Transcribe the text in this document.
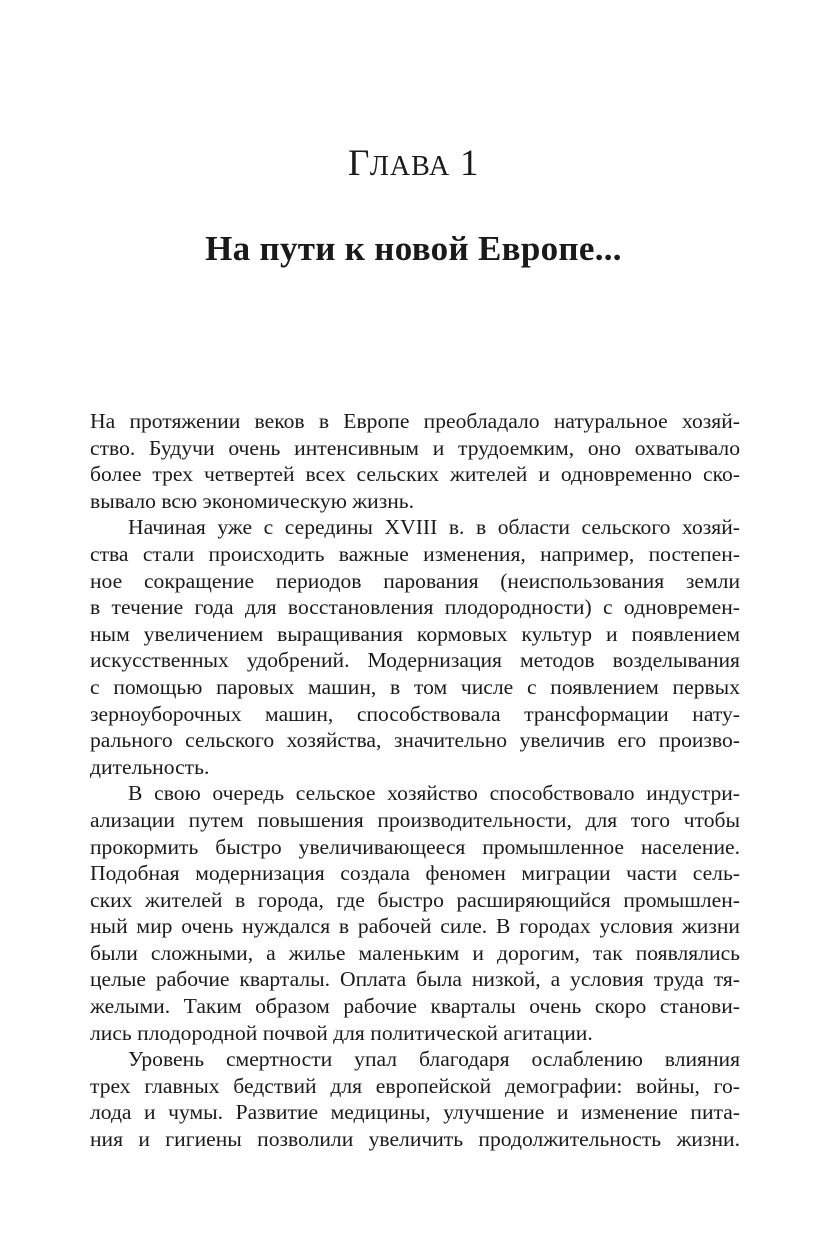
ГЛАВА 1
На пути к новой Европе...
На протяжении веков в Европе преобладало натуральное хозяй-
ство. Будучи очень интенсивным и трудоемким, оно охватывало
более трех четвертей всех сельских жителей и одновременно ско-
вывало всю экономическую жизнь.
Начиная уже с середины XVIII в. в области сельского хозяй-
ства стали происходить важные изменения, например, постепен-
ное сокращение периодов парования (неиспользования земли
в течение года для восстановления плодородности) с одновремен-
ным увеличением выращивания кормовых культур и появлением
искусственных удобрений. Модернизация методов возделывания
с помощью паровых машин, в том числе с появлением первых
зерноуборочных машин, способствовала трансформации нату-
рального сельского хозяйства, значительно увеличив его произво-
дительность.
В свою очередь сельское хозяйство способствовало индустри-
ализации путем повышения производительности, для того чтобы
прокормить быстро увеличивающееся промышленное население.
Подобная модернизация создала феномен миграции части сель-
ских жителей в города, где быстро расширяющийся промышлен-
ный мир очень нуждался в рабочей силе. В городах условия жизни
были сложными, а жилье маленьким и дорогим, так появлялись
целые рабочие кварталы. Оплата была низкой, а условия труда тя-
желыми. Таким образом рабочие кварталы очень скоро станови-
лись плодородной почвой для политической агитации.
Уровень смертности упал благодаря ослаблению влияния
трех главных бедствий для европейской демографии: войны, го-
лода и чумы. Развитие медицины, улучшение и изменение пита-
ния и гигиены позволили увеличить продолжительность жизни.
